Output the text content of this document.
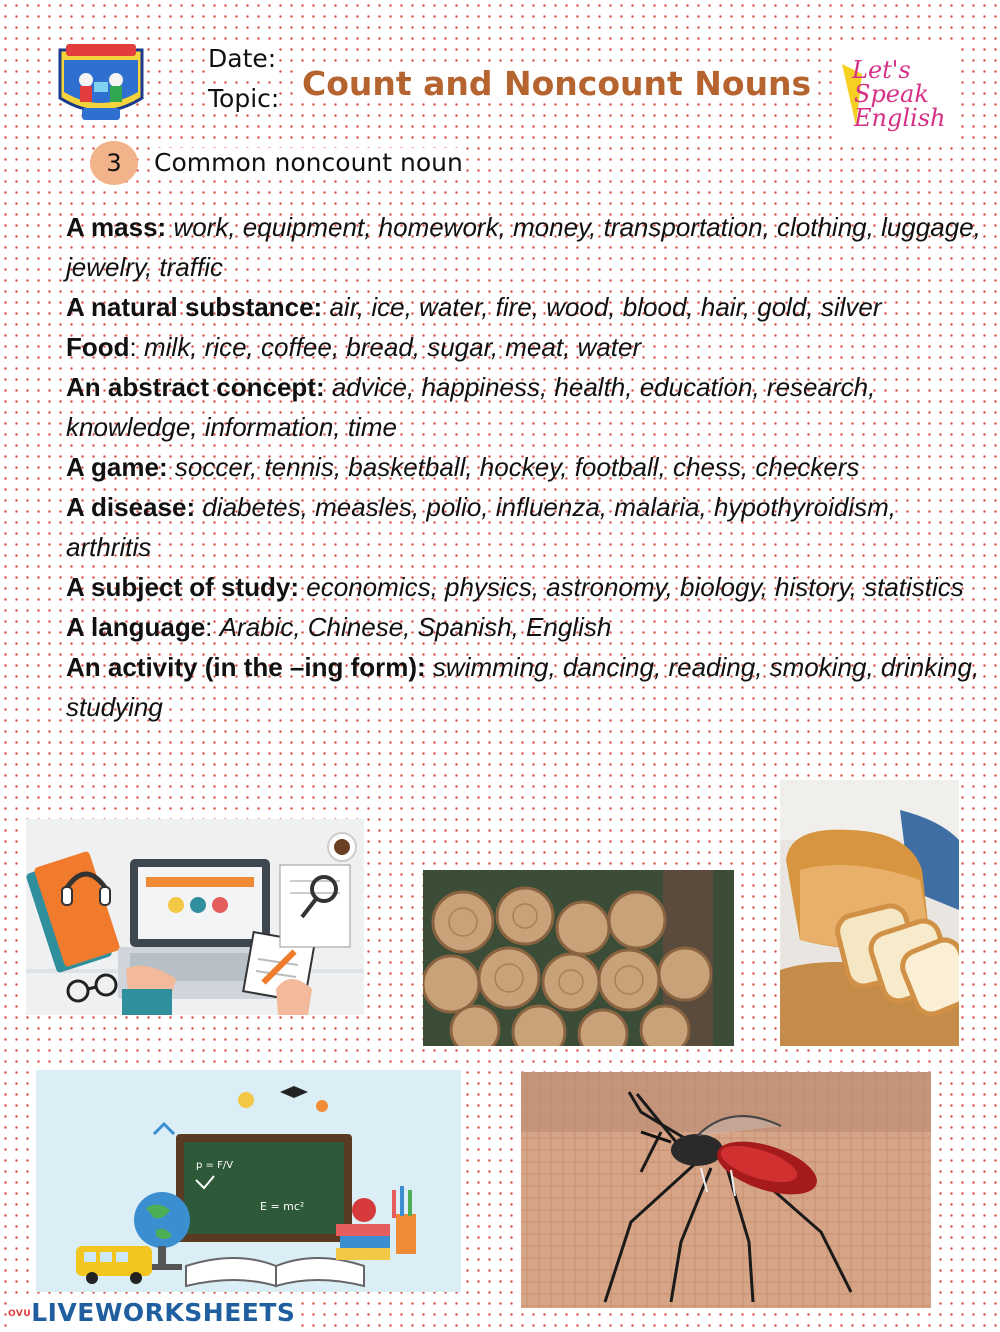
Date:
Topic: Count and Noncount Nouns Let's
Speak
English
3	Common noncount noun

A mass: work, equipment, homework, money, transportation, clothing, luggage, jewelry, traffic

A natural substance: air, ice, water, fire, wood, blood, hair, gold, silver

Food: milk, rice, coffee, bread, sugar, meat, water

An abstract concept: advice, happiness, health, education, research, knowledge, information, time

A game: soccer, tennis, basketball, hockey, football, chess, checkers

A disease: diabetes, measles, polio, influenza, malaria, hypothyroidism, arthritis

A subject of study: economics, physics, astronomy, biology, history, statistics

A language: Arabic, Chinese, Spanish, English

An activity (in the –ing form): swimming, dancing, reading, smoking, drinking, studying

p = F/V
E = mc²
OVULIVEWORKSHEETS
